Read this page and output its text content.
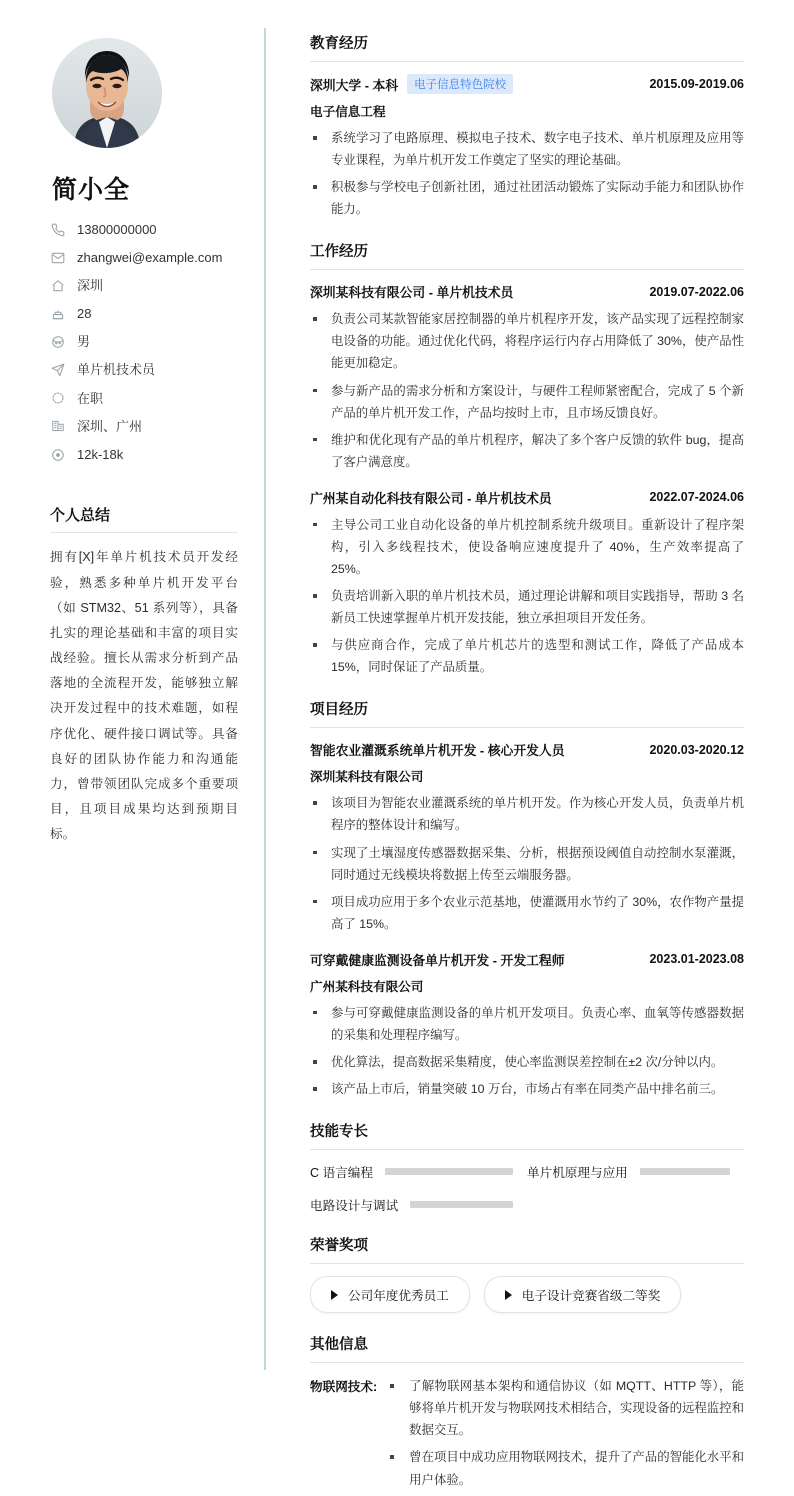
简小全
13800000000
zhangwei@example.com
深圳
28
男
单片机技术员
在职
深圳、广州
12k-18k
个人总结

拥有[X]年单片机技术员开发经验，熟悉多种单片机开发平台（如 STM32、51 系列等），具备扎实的理论基础和丰富的项目实战经验。擅长从需求分析到产品落地的全流程开发，能够独立解决开发过程中的技术难题，如程序优化、硬件接口调试等。具备良好的团队协作能力和沟通能力，曾带领团队完成多个重要项目，且项目成果均达到预期目标。

教育经历
深圳大学 - 本科	电子信息特色院校	2015.09-2019.06
电子信息工程
系统学习了电路原理、模拟电子技术、数字电子技术、单片机原理及应用等专业课程，为单片机开发工作奠定了坚实的理论基础。
积极参与学校电子创新社团，通过社团活动锻炼了实际动手能力和团队协作能力。
工作经历
深圳某科技有限公司 - 单片机技术员	2019.07-2022.06
负责公司某款智能家居控制器的单片机程序开发，该产品实现了远程控制家电设备的功能。通过优化代码，将程序运行内存占用降低了 30%，使产品性能更加稳定。
参与新产品的需求分析和方案设计，与硬件工程师紧密配合，完成了 5 个新产品的单片机开发工作，产品均按时上市，且市场反馈良好。
维护和优化现有产品的单片机程序，解决了多个客户反馈的软件 bug，提高了客户满意度。
广州某自动化科技有限公司 - 单片机技术员	2022.07-2024.06
主导公司工业自动化设备的单片机控制系统升级项目。重新设计了程序架构，引入多线程技术，使设备响应速度提升了 40%，生产效率提高了 25%。
负责培训新入职的单片机技术员，通过理论讲解和项目实践指导，帮助 3 名新员工快速掌握单片机开发技能，独立承担项目开发任务。
与供应商合作，完成了单片机芯片的选型和测试工作，降低了产品成本 15%，同时保证了产品质量。
项目经历
智能农业灌溉系统单片机开发 - 核心开发人员	2020.03-2020.12
深圳某科技有限公司
该项目为智能农业灌溉系统的单片机开发。作为核心开发人员，负责单片机程序的整体设计和编写。
实现了土壤湿度传感器数据采集、分析，根据预设阈值自动控制水泵灌溉，同时通过无线模块将数据上传至云端服务器。
项目成功应用于多个农业示范基地，使灌溉用水节约了 30%，农作物产量提高了 15%。
可穿戴健康监测设备单片机开发 - 开发工程师	2023.01-2023.08
广州某科技有限公司
参与可穿戴健康监测设备的单片机开发项目。负责心率、血氧等传感器数据的采集和处理程序编写。
优化算法，提高数据采集精度，使心率监测误差控制在±2 次/分钟以内。
该产品上市后，销量突破 10 万台，市场占有率在同类产品中排名前三。
技能专长
C 语言编程	单片机原理与应用
电路设计与调试
荣誉奖项
公司年度优秀员工	电子设计竞赛省级二等奖
其他信息
物联网技术:	了解物联网基本架构和通信协议（如 MQTT、HTTP 等），能够将单片机开发与物联网技术相结合，实现设备的远程监控和数据交互。
曾在项目中成功应用物联网技术，提升了产品的智能化水平和用户体验。
